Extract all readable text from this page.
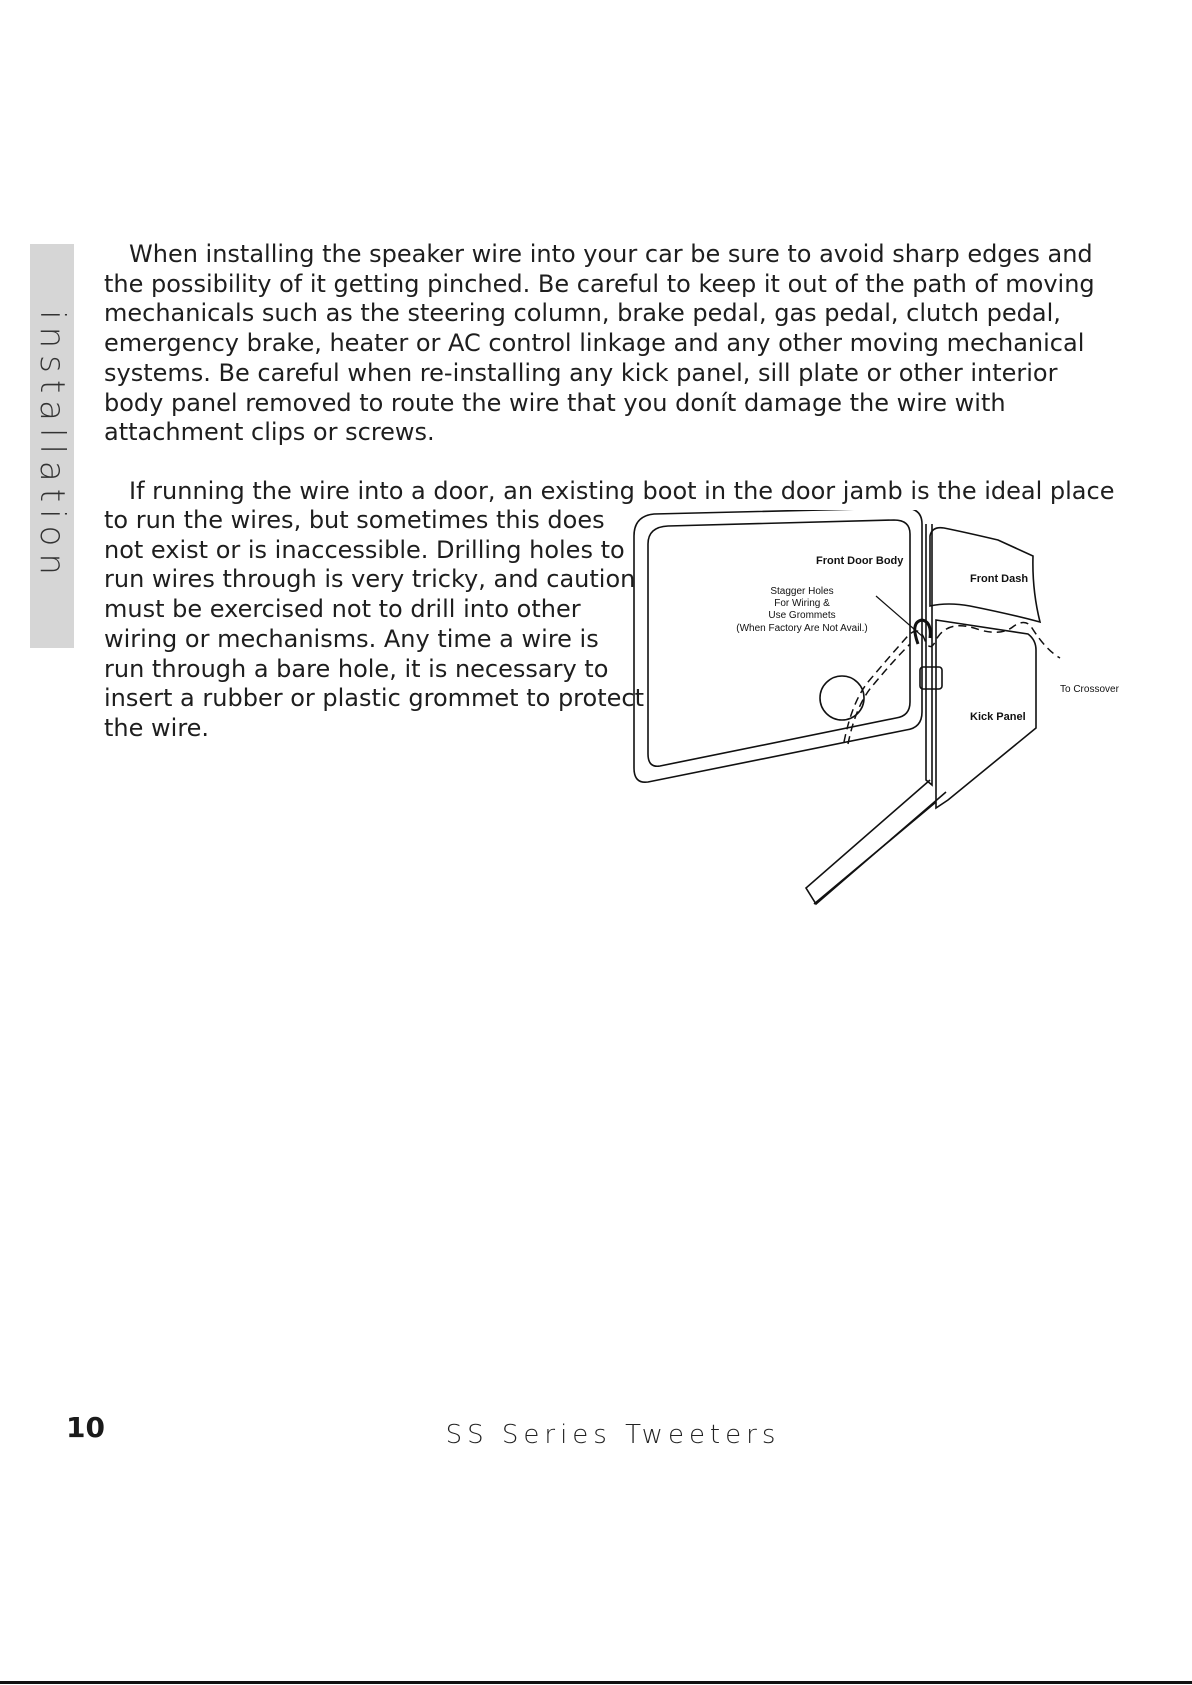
installation

When installing the speaker wire into your car be sure to avoid sharp edges and the possibility of it getting pinched. Be careful to keep it out of the path of moving mechanicals such as the steering column, brake pedal, gas pedal, clutch pedal, emergency brake, heater or AC control linkage and any other moving mechanical systems. Be careful when re-installing any kick panel, sill plate or other interior body panel removed to route the wire that you donít damage the wire with attachment clips or screws.

If running the wire into a door, an existing boot in the door jamb is the ideal place

to run the wires, but sometimes this does not exist or is inaccessible. Drilling holes to run wires through is very tricky, and caution must be exercised not to drill into other wiring or mechanisms. Any time a wire is run through a bare hole, it is necessary to insert a rubber or plastic grommet to protect the wire.

Front Door Body
Front Dash
Kick Panel
To Crossover
Stagger Holes
For Wiring &
Use Grommets
(When Factory Are Not Avail.)
10	SS Series Tweeters
